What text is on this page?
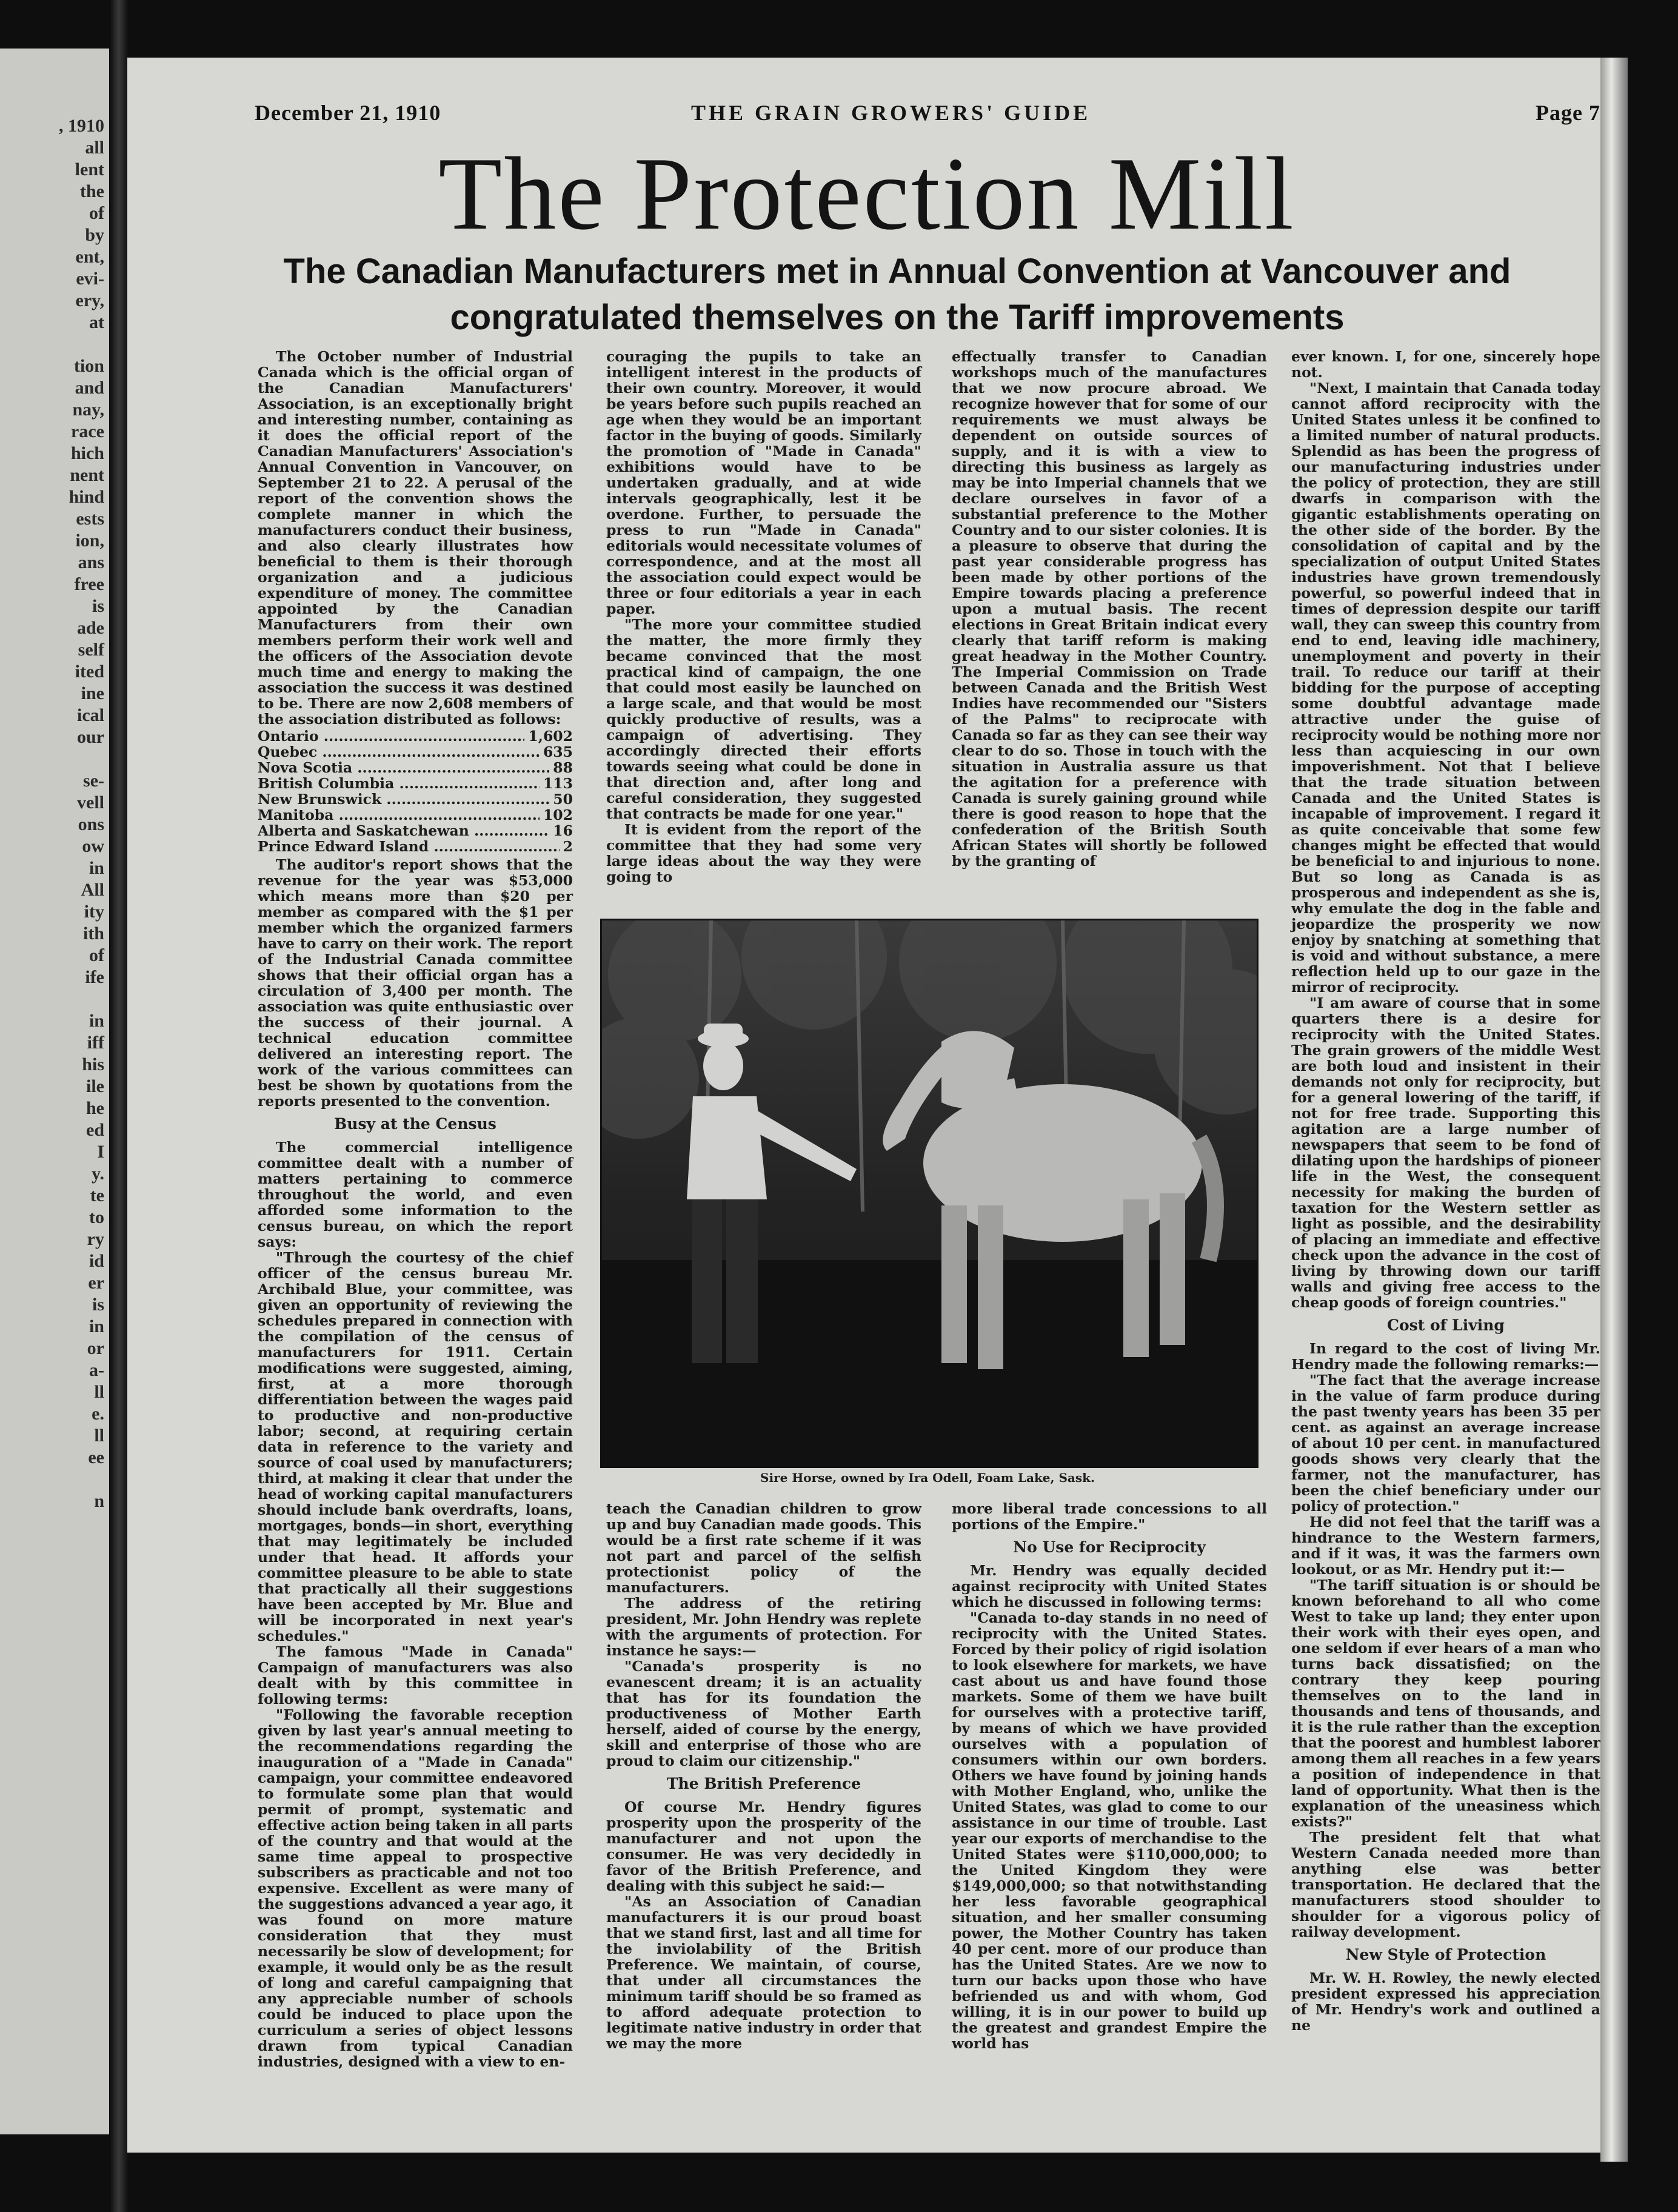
, 1910
all
lent
the
of
by
ent,
evi-
ery,
at
tion
and
nay,
race
hich
nent
hind
ests
ion,
ans
free
is
ade
self
ited
ine
ical
our
se-
vell
ons
ow
in
All
ity
ith
of
ife
in
iff
his
ile
he
ed
I
y.
te
to
ry
id
er
is
in
or
a-
ll
e.
ll
ee
n
December 21, 1910	THE GRAIN GROWERS' GUIDE	Page 7
The Protection Mill
The Canadian Manufacturers met in Annual Convention at Vancouver and congratulated themselves on the Tariff improvements

The October number of Industrial Canada which is the official organ of the Canadian Manufacturers' Association, is an exceptionally bright and interesting number, containing as it does the official report of the Canadian Manufacturers' Association's Annual Convention in Vancouver, on September 21 to 22. A perusal of the report of the convention shows the complete manner in which the manufacturers conduct their business, and also clearly illustrates how beneficial to them is their thorough organization and a judicious expenditure of money. The committee appointed by the Canadian Manufacturers from their own members perform their work well and the officers of the Association devote much time and energy to making the association the success it was destined to be. There are now 2,608 members of the association distributed as follows:

Ontario .....	1,602
Quebec .....	635
Nova Scotia .....	88
British Columbia .....	113
New Brunswick .....	50
Manitoba .....	102
Alberta and Saskatchewan .....	16
Prince Edward Island .....	2

The auditor's report shows that the revenue for the year was $53,000 which means more than $20 per member as compared with the $1 per member which the organized farmers have to carry on their work. The report of the Industrial Canada committee shows that their official organ has a circulation of 3,400 per month. The association was quite enthusiastic over the success of their journal. A technical education committee delivered an interesting report. The work of the various committees can best be shown by quotations from the reports presented to the convention.

Busy at the Census

The commercial intelligence committee dealt with a number of matters pertaining to commerce throughout the world, and even afforded some information to the census bureau, on which the report says:

"Through the courtesy of the chief officer of the census bureau Mr. Archibald Blue, your committee, was given an opportunity of reviewing the schedules prepared in connection with the compilation of the census of manufacturers for 1911. Certain modifications were suggested, aiming, first, at a more thorough differentiation between the wages paid to productive and non-productive labor; second, at requiring certain data in reference to the variety and source of coal used by manufacturers; third, at making it clear that under the head of working capital manufacturers should include bank overdrafts, loans, mortgages, bonds—in short, everything that may legitimately be included under that head. It affords your committee pleasure to be able to state that practically all their suggestions have been accepted by Mr. Blue and will be incorporated in next year's schedules."

The famous "Made in Canada" Campaign of manufacturers was also dealt with by this committee in following terms:

"Following the favorable reception given by last year's annual meeting to the recommendations regarding the inauguration of a "Made in Canada" campaign, your committee endeavored to formulate some plan that would permit of prompt, systematic and effective action being taken in all parts of the country and that would at the same time appeal to prospective subscribers as practicable and not too expensive. Excellent as were many of the suggestions advanced a year ago, it was found on more mature consideration that they must necessarily be slow of development; for example, it would only be as the result of long and careful campaigning that any appreciable number of schools could be induced to place upon the curriculum a series of object lessons drawn from typical Canadian industries, designed with a view to en-

couraging the pupils to take an intelligent interest in the products of their own country. Moreover, it would be years before such pupils reached an age when they would be an important factor in the buying of goods. Similarly the promotion of "Made in Canada" exhibitions would have to be undertaken gradually, and at wide intervals geographically, lest it be overdone. Further, to persuade the press to run "Made in Canada" editorials would necessitate volumes of correspondence, and at the most all the association could expect would be three or four editorials a year in each paper.

"The more your committee studied the matter, the more firmly they became convinced that the most practical kind of campaign, the one that could most easily be launched on a large scale, and that would be most quickly productive of results, was a campaign of advertising. They accordingly directed their efforts towards seeing what could be done in that direction and, after long and careful consideration, they suggested that contracts be made for one year."

It is evident from the report of the committee that they had some very large ideas about the way they were going to

effectually transfer to Canadian workshops much of the manufactures that we now procure abroad. We recognize however that for some of our requirements we must always be dependent on outside sources of supply, and it is with a view to directing this business as largely as may be into Imperial channels that we declare ourselves in favor of a substantial preference to the Mother Country and to our sister colonies. It is a pleasure to observe that during the past year considerable progress has been made by other portions of the Empire towards placing a preference upon a mutual basis. The recent elections in Great Britain indicat every clearly that tariff reform is making great headway in the Mother Country. The Imperial Commission on Trade between Canada and the British West Indies have recommended our "Sisters of the Palms" to reciprocate with Canada so far as they can see their way clear to do so. Those in touch with the situation in Australia assure us that the agitation for a preference with Canada is surely gaining ground while there is good reason to hope that the confederation of the British South African States will shortly be followed by the granting of

Sire Horse, owned by Ira Odell, Foam Lake, Sask.

teach the Canadian children to grow up and buy Canadian made goods. This would be a first rate scheme if it was not part and parcel of the selfish protectionist policy of the manufacturers.

The address of the retiring president, Mr. John Hendry was replete with the arguments of protection. For instance he says:—

"Canada's prosperity is no evanescent dream; it is an actuality that has for its foundation the productiveness of Mother Earth herself, aided of course by the energy, skill and enterprise of those who are proud to claim our citizenship."

The British Preference

Of course Mr. Hendry figures prosperity upon the prosperity of the manufacturer and not upon the consumer. He was very decidedly in favor of the British Preference, and dealing with this subject he said:—

"As an Association of Canadian manufacturers it is our proud boast that we stand first, last and all time for the inviolability of the British Preference. We maintain, of course, that under all circumstances the minimum tariff should be so framed as to afford adequate protection to legitimate native industry in order that we may the more

more liberal trade concessions to all portions of the Empire."

No Use for Reciprocity

Mr. Hendry was equally decided against reciprocity with United States which he discussed in following terms:

"Canada to-day stands in no need of reciprocity with the United States. Forced by their policy of rigid isolation to look elsewhere for markets, we have cast about us and have found those markets. Some of them we have built for ourselves with a protective tariff, by means of which we have provided ourselves with a population of consumers within our own borders. Others we have found by joining hands with Mother England, who, unlike the United States, was glad to come to our assistance in our time of trouble. Last year our exports of merchandise to the United States were $110,000,000; to the United Kingdom they were $149,000,000; so that notwithstanding her less favorable geographical situation, and her smaller consuming power, the Mother Country has taken 40 per cent. more of our produce than has the United States. Are we now to turn our backs upon those who have befriended us and with whom, God willing, it is in our power to build up the greatest and grandest Empire the world has

ever known. I, for one, sincerely hope not.

"Next, I maintain that Canada today cannot afford reciprocity with the United States unless it be confined to a limited number of natural products. Splendid as has been the progress of our manufacturing industries under the policy of protection, they are still dwarfs in comparison with the gigantic establishments operating on the other side of the border. By the consolidation of capital and by the specialization of output United States industries have grown tremendously powerful, so powerful indeed that in times of depression despite our tariff wall, they can sweep this country from end to end, leaving idle machinery, unemployment and poverty in their trail. To reduce our tariff at their bidding for the purpose of accepting some doubtful advantage made attractive under the guise of reciprocity would be nothing more nor less than acquiescing in our own impoverishment. Not that I believe that the trade situation between Canada and the United States is incapable of improvement. I regard it as quite conceivable that some few changes might be effected that would be beneficial to and injurious to none. But so long as Canada is as prosperous and independent as she is, why emulate the dog in the fable and jeopardize the prosperity we now enjoy by snatching at something that is void and without substance, a mere reflection held up to our gaze in the mirror of reciprocity.

"I am aware of course that in some quarters there is a desire for reciprocity with the United States. The grain growers of the middle West are both loud and insistent in their demands not only for reciprocity, but for a general lowering of the tariff, if not for free trade. Supporting this agitation are a large number of newspapers that seem to be fond of dilating upon the hardships of pioneer life in the West, the consequent necessity for making the burden of taxation for the Western settler as light as possible, and the desirability of placing an immediate and effective check upon the advance in the cost of living by throwing down our tariff walls and giving free access to the cheap goods of foreign countries."

Cost of Living

In regard to the cost of living Mr. Hendry made the following remarks:—

"The fact that the average increase in the value of farm produce during the past twenty years has been 35 per cent. as against an average increase of about 10 per cent. in manufactured goods shows very clearly that the farmer, not the manufacturer, has been the chief beneficiary under our policy of protection."

He did not feel that the tariff was a hindrance to the Western farmers, and if it was, it was the farmers own lookout, or as Mr. Hendry put it:—

"The tariff situation is or should be known beforehand to all who come West to take up land; they enter upon their work with their eyes open, and one seldom if ever hears of a man who turns back dissatisfied; on the contrary they keep pouring themselves on to the land in thousands and tens of thousands, and it is the rule rather than the exception that the poorest and humblest laborer among them all reaches in a few years a position of independence in that land of opportunity. What then is the explanation of the uneasiness which exists?"

The president felt that what Western Canada needed more than anything else was better transportation. He declared that the manufacturers stood shoulder to shoulder for a vigorous policy of railway development.

New Style of Protection

Mr. W. H. Rowley, the newly elected president expressed his appreciation of Mr. Hendry's work and outlined a ne
